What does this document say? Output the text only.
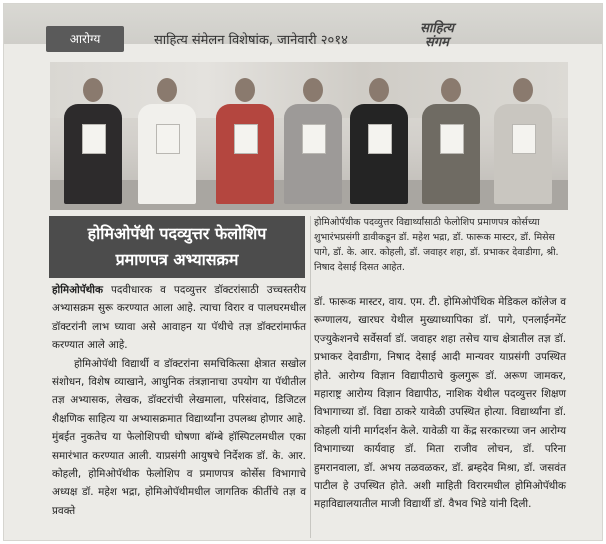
आरोग्य	साहित्य संमेलन विशेषांक, जानेवारी २०१४
साहित्य
संगम
होमिओपॅथी पदव्युत्तर फेलोशिप
प्रमाणपत्र अभ्यासक्रम
होमिओपॅथीक पदव्युत्तर विद्यार्थ्यांसाठी फेलोशिप प्रमाणपत्र कोर्सच्या शुभारंभप्रसंगी डावीकडून डॉ. महेश भद्रा, डॉ. फारूक मास्टर, डॉ. मिसेस पागे, डॉ. के. आर. कोहली, डॉ. जवाहर शहा, डॉ. प्रभाकर देवाडीगा, श्री. निषाद देसाई दिसत आहेत.

होमिओपॅथीक पदवीधारक व पदव्युत्तर डॉक्टरांसाठी उच्चस्तरीय अभ्यासक्रम सुरू करण्यात आला आहे. त्याचा विरार व पालघरमधील डॉक्टरांनी लाभ घ्यावा असे आवाहन या पॅथीचे तज्ञ डॉक्टरांमार्फत करण्यात आले आहे.

होमिओपॅथी विद्यार्थी व डॉक्टरांना समचिकित्सा क्षेत्रात सखोल संशोधन, विशेष व्याखाने, आधुनिक तंत्रज्ञानाचा उपयोग या पॅथीतील तज्ञ अभ्यासक, लेखक, डॉक्टरांची लेखमाला, परिसंवाद, डिजिटल शैक्षणिक साहित्य या अभ्यासक्रमात विद्यार्थ्यांना उपलब्ध होणार आहे. मुंबईत नुकतेच या फेलोशिपची घोषणा बॉम्बे हॉस्पिटलमधील एका समारंभात करण्यात आली. याप्रसंगी आयुषचे निर्देशक डॉ. के. आर. कोहली, होमिओपॅथीक फेलोशिप व प्रमाणपत्र कोर्सेस विभागाचे अध्यक्ष डॉ. महेश भद्रा, होमिओपॅथीमधील जागतिक कीर्तीचे तज्ञ व प्रवक्ते

डॉ. फारूक मास्टर, वाय. एम. टी. होमिओपॅथिक मेडिकल कॉलेज व रूग्णालय, खारघर येथील मुख्याध्यापिका डॉ. पागे, एनलाईनमेंट एज्युकेशनचे सर्वेसर्वा डॉ. जवाहर शहा तसेच याच क्षेत्रातील तज्ञ डॉ. प्रभाकर देवाडीगा, निषाद देसाई आदी मान्यवर याप्रसंगी उपस्थित होते. आरोग्य विज्ञान विद्यापीठाचे कुलगुरू डॉ. अरूण जामकर, महाराष्ट्र आरोग्य विज्ञान विद्यापीठ, नाशिक येथील पदव्युत्तर शिक्षण विभागाच्या डॉ. विद्या ठाकरे यावेळी उपस्थित होत्या. विद्यार्थ्यांना डॉ. कोहली यांनी मार्गदर्शन केले. यावेळी या केंद्र सरकारच्या जन आरोग्य विभागाच्या कार्यवाह डॉ. मिता राजीव लोचन, डॉ. परिना हुमरानवाला, डॉ. अभय तळवळकर, डॉ. ब्रम्हदेव मिश्रा, डॉ. जसवंत पाटील हे उपस्थित होते. अशी माहिती विरारमधील होमिओपॅथीक महाविद्यालयातील माजी विद्यार्थी डॉ. वैभव भिडे यांनी दिली.
